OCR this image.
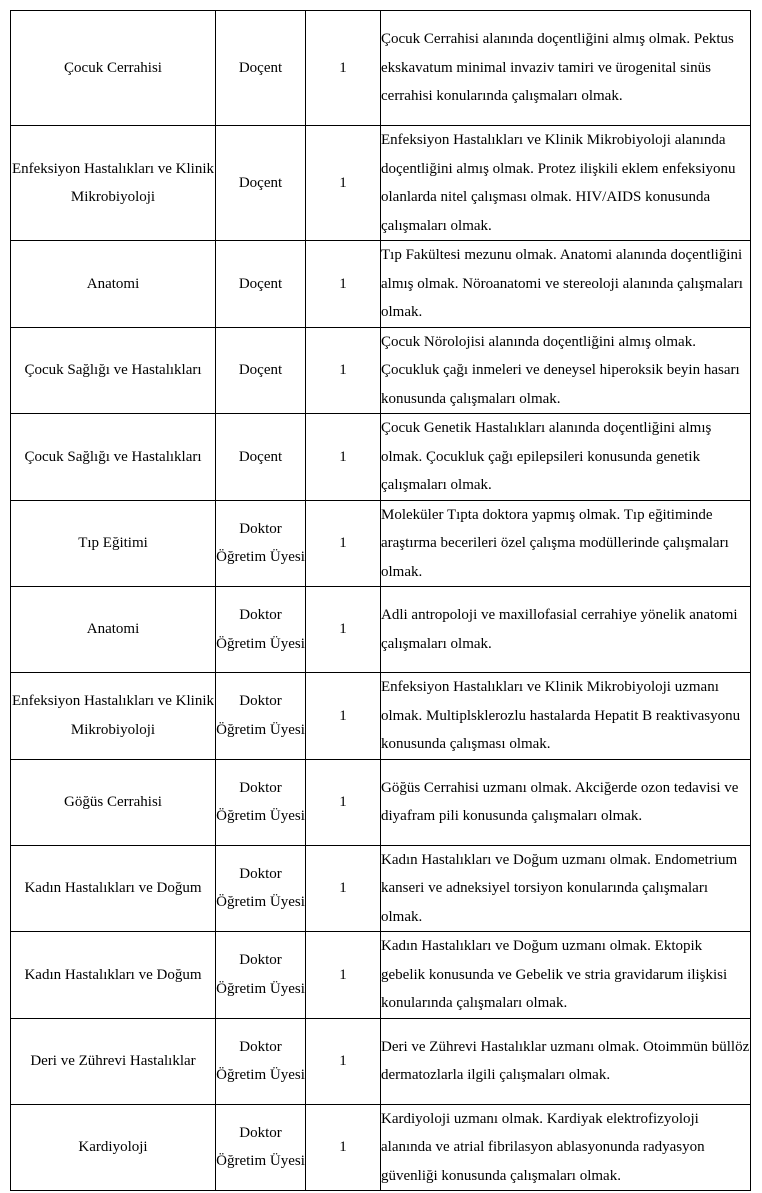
Çocuk Cerrahisi	Doçent	1	Çocuk Cerrahisi alanında doçentliğini almış olmak. Pektus ekskavatum minimal invaziv tamiri ve ürogenital sinüs cerrahisi konularında çalışmaları olmak.
Enfeksiyon Hastalıkları ve Klinik Mikrobiyoloji	Doçent	1	Enfeksiyon Hastalıkları ve Klinik Mikrobiyoloji alanında doçentliğini almış olmak. Protez ilişkili eklem enfeksiyonu olanlarda nitel çalışması olmak. HIV/AIDS konusunda çalışmaları olmak.
Anatomi	Doçent	1	Tıp Fakültesi mezunu olmak. Anatomi alanında doçentliğini almış olmak. Nöroanatomi ve stereoloji alanında çalışmaları olmak.
Çocuk Sağlığı ve Hastalıkları	Doçent	1	Çocuk Nörolojisi alanında doçentliğini almış olmak. Çocukluk çağı inmeleri ve deneysel hiperoksik beyin hasarı konusunda çalışmaları olmak.
Çocuk Sağlığı ve Hastalıkları	Doçent	1	Çocuk Genetik Hastalıkları alanında doçentliğini almış olmak. Çocukluk çağı epilepsileri konusunda genetik çalışmaları olmak.
Tıp Eğitimi	Doktor Öğretim Üyesi	1	Moleküler Tıpta doktora yapmış olmak. Tıp eğitiminde araştırma becerileri özel çalışma modüllerinde çalışmaları olmak.
Anatomi	Doktor Öğretim Üyesi	1	Adli antropoloji ve maxillofasial cerrahiye yönelik anatomi çalışmaları olmak.
Enfeksiyon Hastalıkları ve Klinik Mikrobiyoloji	Doktor Öğretim Üyesi	1	Enfeksiyon Hastalıkları ve Klinik Mikrobiyoloji uzmanı olmak. Multiplsklerozlu hastalarda Hepatit B reaktivasyonu konusunda çalışması olmak.
Göğüs Cerrahisi	Doktor Öğretim Üyesi	1	Göğüs Cerrahisi uzmanı olmak. Akciğerde ozon tedavisi ve diyafram pili konusunda çalışmaları olmak.
Kadın Hastalıkları ve Doğum	Doktor Öğretim Üyesi	1	Kadın Hastalıkları ve Doğum uzmanı olmak. Endometrium kanseri ve adneksiyel torsiyon konularında çalışmaları olmak.
Kadın Hastalıkları ve Doğum	Doktor Öğretim Üyesi	1	Kadın Hastalıkları ve Doğum uzmanı olmak. Ektopik gebelik konusunda ve Gebelik ve stria gravidarum ilişkisi konularında çalışmaları olmak.
Deri ve Zührevi Hastalıklar	Doktor Öğretim Üyesi	1	Deri ve Zührevi Hastalıklar uzmanı olmak. Otoimmün büllöz dermatozlarla ilgili çalışmaları olmak.
Kardiyoloji	Doktor Öğretim Üyesi	1	Kardiyoloji uzmanı olmak. Kardiyak elektrofizyoloji alanında ve atrial fibrilasyon ablasyonunda radyasyon güvenliği konusunda çalışmaları olmak.
